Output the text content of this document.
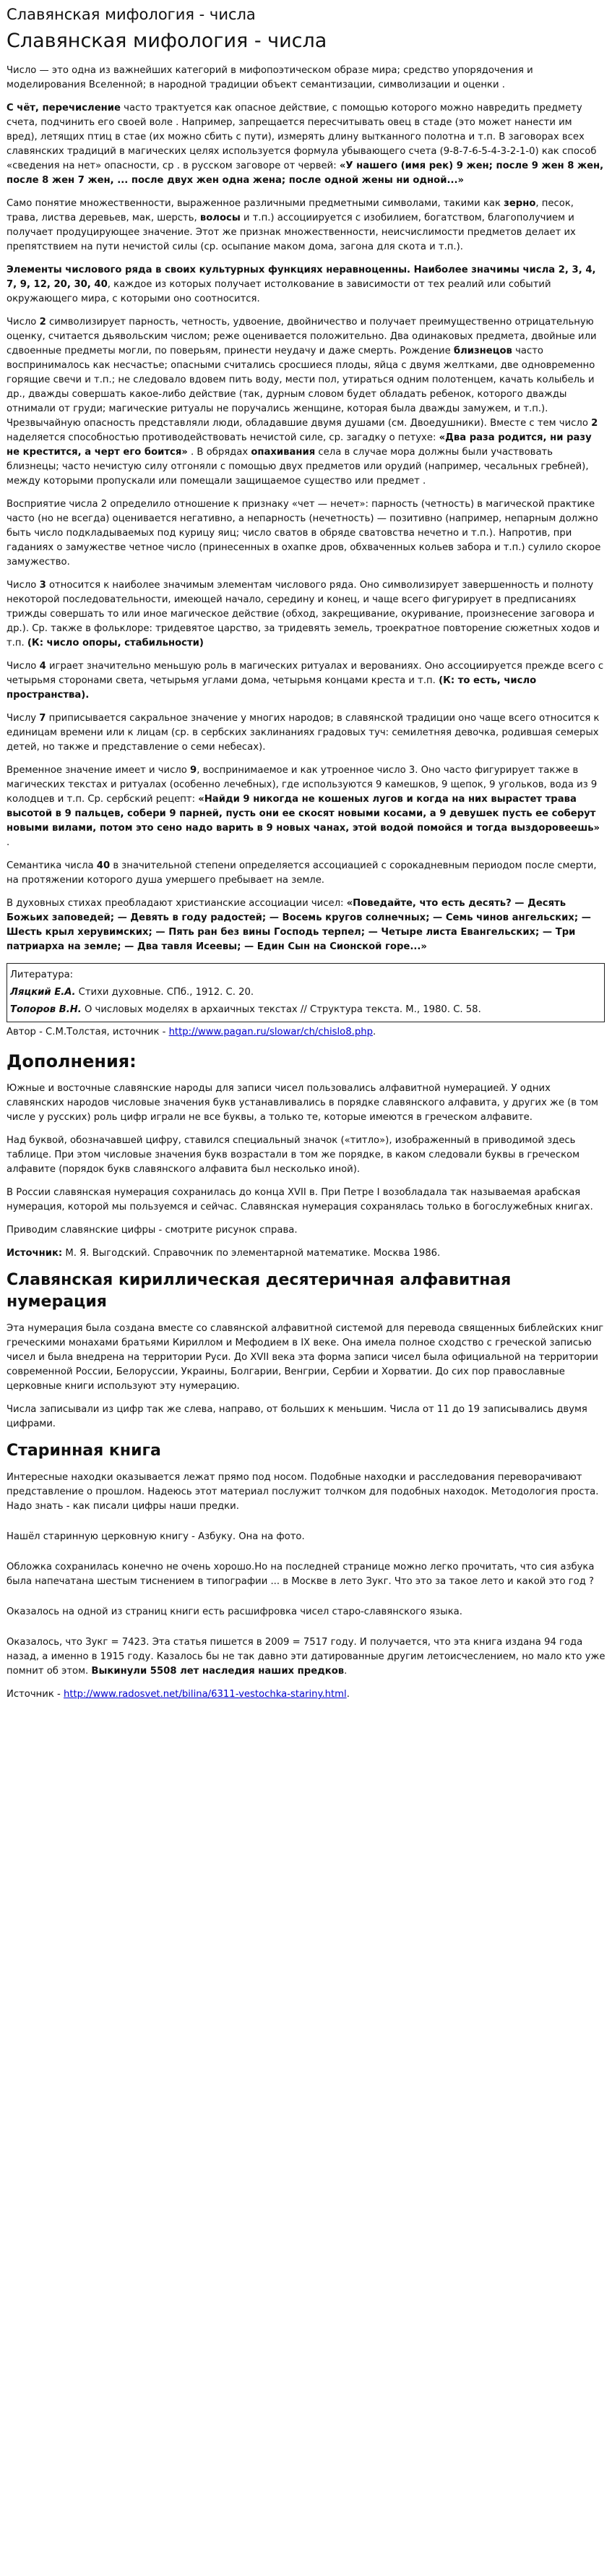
Славянская мифология - числа
Славянская мифология - числа

Число — это одна из важнейших категорий в мифопоэтическом образе мира; средство упорядочения и моделирования Вселенной; в народной традиции объект семантизации, символизации и оценки .

С чёт, перечисление часто трактуется как опасное действие, с помощью которого можно навредить предмету счета, подчинить его своей воле . Например, запрещается пересчитывать овец в стаде (это может нанести им вред), летящих птиц в стае (их можно сбить с пути), измерять длину вытканного полотна и т.п. В заговорах всех славянских традиций в магических целях используется формула убывающего счета (9-8-7-6-5-4-3-2-1-0) как способ «сведения на нет» опасности, ср . в русском заговоре от червей: «У нашего (имя рек) 9 жен; после 9 жен 8 жен, после 8 жен 7 жен, ... после двух жен одна жена; после одной жены ни одной...»

Само понятие множественности, выраженное различными предметными символами, такими как зерно, песок, трава, листва деревьев, мак, шерсть, волосы и т.п.) ассоциируется с изобилием, богатством, благополучием и получает продуцирующее значение. Этот же признак множественности, неисчислимости предметов делает их препятствием на пути нечистой силы (ср. осыпание маком дома, загона для скота и т.п.).

Элементы числового ряда в своих культурных функциях неравноценны. Наиболее значимы числа 2, 3, 4, 7, 9, 12, 20, 30, 40, каждое из которых получает истолкование в зависимости от тех реалий или событий окружающего мира, с которыми оно соотносится.

Число 2 символизирует парность, четность, удвоение, двойничество и получает преимущественно отрицательную оценку, считается дьявольским числом; реже оценивается положительно. Два одинаковых предмета, двойные или сдвоенные предметы могли, по поверьям, принести неудачу и даже смерть. Рождение близнецов часто воспринималось как несчастье; опасными считались сросшиеся плоды, яйца с двумя желтками, две одновременно горящие свечи и т.п.; не следовало вдовем пить воду, мести пол, утираться одним полотенцем, качать колыбель и др., дважды совершать какое-либо действие (так, дурным словом будет обладать ребенок, которого дважды отнимали от груди; магические ритуалы не поручались женщине, которая была дважды замужем, и т.п.). Чрезвычайную опасность представляли люди, обладавшие двумя душами (см. Двоедушники). Вместе с тем число 2 наделяется способностью противодействовать нечистой силе, ср. загадку о петухе: «Два раза родится, ни разу не крестится, а черт его боится» . В обрядах опахивания села в случае мора должны были участвовать близнецы; часто нечистую силу отгоняли с помощью двух предметов или орудий (например, чесальных гребней), между которыми пропускали или помещали защищаемое существо или предмет .

Восприятие числа 2 определило отношение к признаку «чет — нечет»: парность (четность) в магической практике часто (но не всегда) оценивается негативно, а непарность (нечетность) — позитивно (например, непарным должно быть число подкладываемых под курицу яиц; число сватов в обряде сватовства нечетно и т.п.). Напротив, при гаданиях о замужестве четное число (принесенных в охапке дров, обхваченных кольев забора и т.п.) сулило скорое замужество.

Число 3 относится к наиболее значимым элементам числового ряда. Оно символизирует завершенность и полноту некоторой последовательности, имеющей начало, середину и конец, и чаще всего фигурирует в предписаниях трижды совершать то или иное магическое действие (обход, закрещивание, окуривание, произнесение заговора и др.). Ср. также в фольклоре: тридевятое царство, за тридевять земель, троекратное повторение сюжетных ходов и т.п. (К: число опоры, стабильности)

Число 4 играет значительно меньшую роль в магических ритуалах и верованиях. Оно ассоциируется прежде всего с четырьмя сторонами света, четырьмя углами дома, четырьмя концами креста и т.п. (К: то есть, число пространства).

Числу 7 приписывается сакральное значение у многих народов; в славянской традиции оно чаще всего относится к единицам времени или к лицам (ср. в сербских заклинаниях градовых туч: семилетняя девочка, родившая семерых детей, но также и представление о семи небесах).

Временное значение имеет и число 9, воспринимаемое и как утроенное число 3. Оно часто фигурирует также в магических текстах и ритуалах (особенно лечебных), где используются 9 камешков, 9 щепок, 9 угольков, вода из 9 колодцев и т.п. Ср. сербский рецепт: «Найди 9 никогда не кошеных лугов и когда на них вырастет трава высотой в 9 пальцев, собери 9 парней, пусть они ее скосят новыми косами, а 9 девушек пусть ее соберут новыми вилами, потом это сено надо варить в 9 новых чанах, этой водой помойся и тогда выздоровеешь» .

Семантика числа 40 в значительной степени определяется ассоциацией с сорокадневным периодом после смерти, на протяжении которого душа умершего пребывает на земле.

В духовных стихах преобладают христианские ассоциации чисел: «Поведайте, что есть десять? — Десять Божьих заповедей; — Девять в году радостей; — Восемь кругов солнечных; — Семь чинов ангельских; — Шесть крыл херувимских; — Пять ран без вины Господь терпел; — Четыре листа Евангельских; — Три патриарха на земле; — Два тавля Исеевы; — Един Сын на Сионской горе...»

Литература:
Ляцкий Е.А. Стихи духовные. СПб., 1912. С. 20.
Топоров В.Н. О числовых моделях в архаичных текстах // Структура текста. М., 1980. С. 58.

Автор - С.М.Толстая, источник - http://www.pagan.ru/slowar/ch/chislo8.php.

Дополнения:

Южные и восточные славянские народы для записи чисел пользовались алфавитной нумерацией. У одних славянских народов числовые значения букв устанавливались в порядке славянского алфавита, у других же (в том числе у русских) роль цифр играли не все буквы, а только те, которые имеются в греческом алфавите.

Над буквой, обозначавшей цифру, ставился специальный значок («титло»), изображенный в приводимой здесь таблице. При этом числовые значения букв возрастали в том же порядке, в каком следовали буквы в греческом алфавите (порядок букв славянского алфавита был несколько иной).

В России славянская нумерация сохранилась до конца XVII в. При Петре I возобладала так называемая арабская нумерация, которой мы пользуемся и сейчас. Славянская нумерация сохранялась только в богослужебных книгах.

Приводим славянские цифры - смотрите рисунок справа.

Источник: М. Я. Выгодский. Справочник по элементарной математике. Москва 1986.

Славянская кириллическая десятеричная алфавитная нумерация

Эта нумерация была создана вместе со славянской алфавитной системой для перевода священных библейских книг греческими монахами братьями Кириллом и Мефодием в IX веке. Она имела полное сходство с греческой записью чисел и была внедрена на территории Руси. До XVII века эта форма записи чисел была официальной на территории современной России, Белоруссии, Украины, Болгарии, Венгрии, Сербии и Хорватии. До сих пор православные церковные книги используют эту нумерацию.

Числа записывали из цифр так же слева, направо, от больших к меньшим. Числа от 11 до 19 записывались двумя цифрами.

Старинная книга

Интересные находки оказывается лежат прямо под носом. Подобные находки и расследования переворачивают представление о прошлом. Надеюсь этот материал послужит толчком для подобных находок. Методология проста. Надо знать - как писали цифры наши предки.

Нашёл старинную церковную книгу - Азбуку. Она на фото.

Обложка сохранилась конечно не очень хорошо.Но на последней странице можно легко прочитать, что сия азбука была напечатана шестым тиснением в типографии ... в Москве в лето Зукг. Что это за такое лето и какой это год ?

Оказалось на одной из страниц книги есть расшифровка чисел старо-славянского языка.

Оказалось, что Зукг = 7423. Эта статья пишется в 2009 = 7517 году. И получается, что эта книга издана 94 года назад, а именно в 1915 году. Казалось бы не так давно эти датированные другим летоисчеслением, но мало кто уже помнит об этом. Выкинули 5508 лет наследия наших предков.

Источник - http://www.radosvet.net/bilina/6311-vestochka-stariny.html.
